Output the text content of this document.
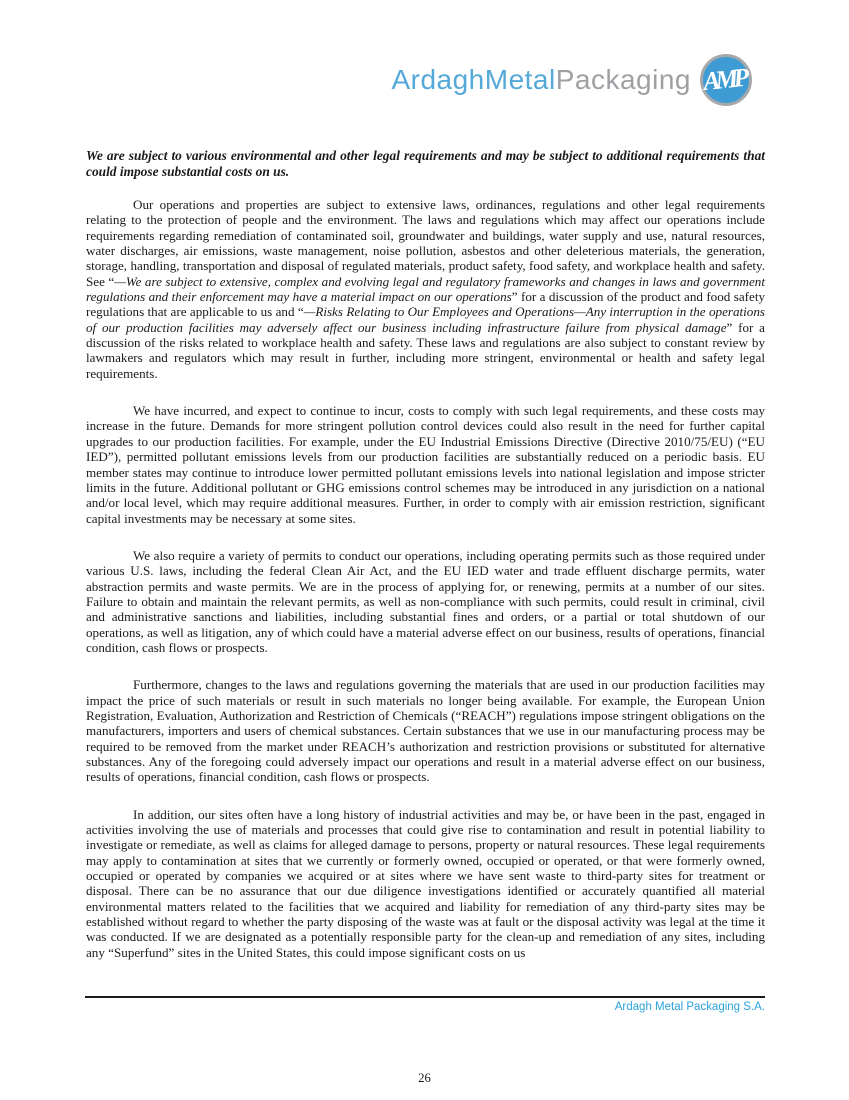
ArdaghMetalPackaging AMP

We are subject to various environmental and other legal requirements and may be subject to additional requirements that could impose substantial costs on us.

Our operations and properties are subject to extensive laws, ordinances, regulations and other legal requirements relating to the protection of people and the environment. The laws and regulations which may affect our operations include requirements regarding remediation of contaminated soil, groundwater and buildings, water supply and use, natural resources, water discharges, air emissions, waste management, noise pollution, asbestos and other deleterious materials, the generation, storage, handling, transportation and disposal of regulated materials, product safety, food safety, and workplace health and safety. See “—We are subject to extensive, complex and evolving legal and regulatory frameworks and changes in laws and government regulations and their enforcement may have a material impact on our operations” for a discussion of the product and food safety regulations that are applicable to us and “—Risks Relating to Our Employees and Operations—Any interruption in the operations of our production facilities may adversely affect our business including infrastructure failure from physical damage” for a discussion of the risks related to workplace health and safety. These laws and regulations are also subject to constant review by lawmakers and regulators which may result in further, including more stringent, environmental or health and safety legal requirements.

We have incurred, and expect to continue to incur, costs to comply with such legal requirements, and these costs may increase in the future. Demands for more stringent pollution control devices could also result in the need for further capital upgrades to our production facilities. For example, under the EU Industrial Emissions Directive (Directive 2010/75/EU) (“EU IED”), permitted pollutant emissions levels from our production facilities are substantially reduced on a periodic basis. EU member states may continue to introduce lower permitted pollutant emissions levels into national legislation and impose stricter limits in the future. Additional pollutant or GHG emissions control schemes may be introduced in any jurisdiction on a national and/or local level, which may require additional measures. Further, in order to comply with air emission restriction, significant capital investments may be necessary at some sites.

We also require a variety of permits to conduct our operations, including operating permits such as those required under various U.S. laws, including the federal Clean Air Act, and the EU IED water and trade effluent discharge permits, water abstraction permits and waste permits. We are in the process of applying for, or renewing, permits at a number of our sites. Failure to obtain and maintain the relevant permits, as well as non-compliance with such permits, could result in criminal, civil and administrative sanctions and liabilities, including substantial fines and orders, or a partial or total shutdown of our operations, as well as litigation, any of which could have a material adverse effect on our business, results of operations, financial condition, cash flows or prospects.

Furthermore, changes to the laws and regulations governing the materials that are used in our production facilities may impact the price of such materials or result in such materials no longer being available. For example, the European Union Registration, Evaluation, Authorization and Restriction of Chemicals (“REACH”) regulations impose stringent obligations on the manufacturers, importers and users of chemical substances. Certain substances that we use in our manufacturing process may be required to be removed from the market under REACH’s authorization and restriction provisions or substituted for alternative substances. Any of the foregoing could adversely impact our operations and result in a material adverse effect on our business, results of operations, financial condition, cash flows or prospects.

In addition, our sites often have a long history of industrial activities and may be, or have been in the past, engaged in activities involving the use of materials and processes that could give rise to contamination and result in potential liability to investigate or remediate, as well as claims for alleged damage to persons, property or natural resources. These legal requirements may apply to contamination at sites that we currently or formerly owned, occupied or operated, or that were formerly owned, occupied or operated by companies we acquired or at sites where we have sent waste to third-party sites for treatment or disposal. There can be no assurance that our due diligence investigations identified or accurately quantified all material environmental matters related to the facilities that we acquired and liability for remediation of any third-party sites may be established without regard to whether the party disposing of the waste was at fault or the disposal activity was legal at the time it was conducted. If we are designated as a potentially responsible party for the clean-up and remediation of any sites, including any “Superfund” sites in the United States, this could impose significant costs on us

Ardagh Metal Packaging S.A.
26
